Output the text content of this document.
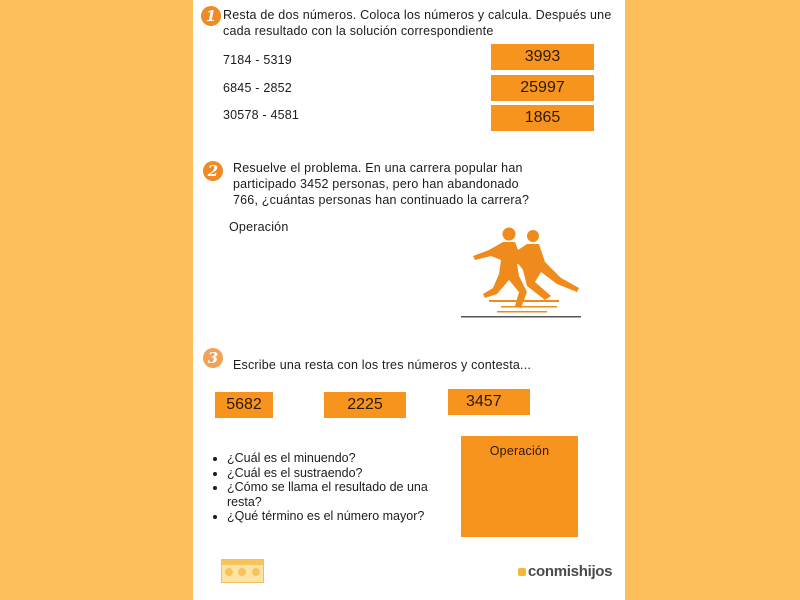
1 Resta de dos números. Coloca los números y calcula. Después une cada resultado con la solución correspondiente
7184 - 5319
6845 - 2852
30578 - 4581
3993
25997
1865
2	Resuelve el problema. En una carrera popular han participado 3452 personas, pero han abandonado 766, ¿cuántas personas han continuado la carrera?
Operación
3	Escribe una resta con los tres números y contesta...
5682	2225	3457
• ¿Cuál es el minuendo?
• ¿Cuál es el sustraendo?
• ¿Cómo se llama el resultado de una resta?
• ¿Qué término es el número mayor?
Operación
conmishijos
